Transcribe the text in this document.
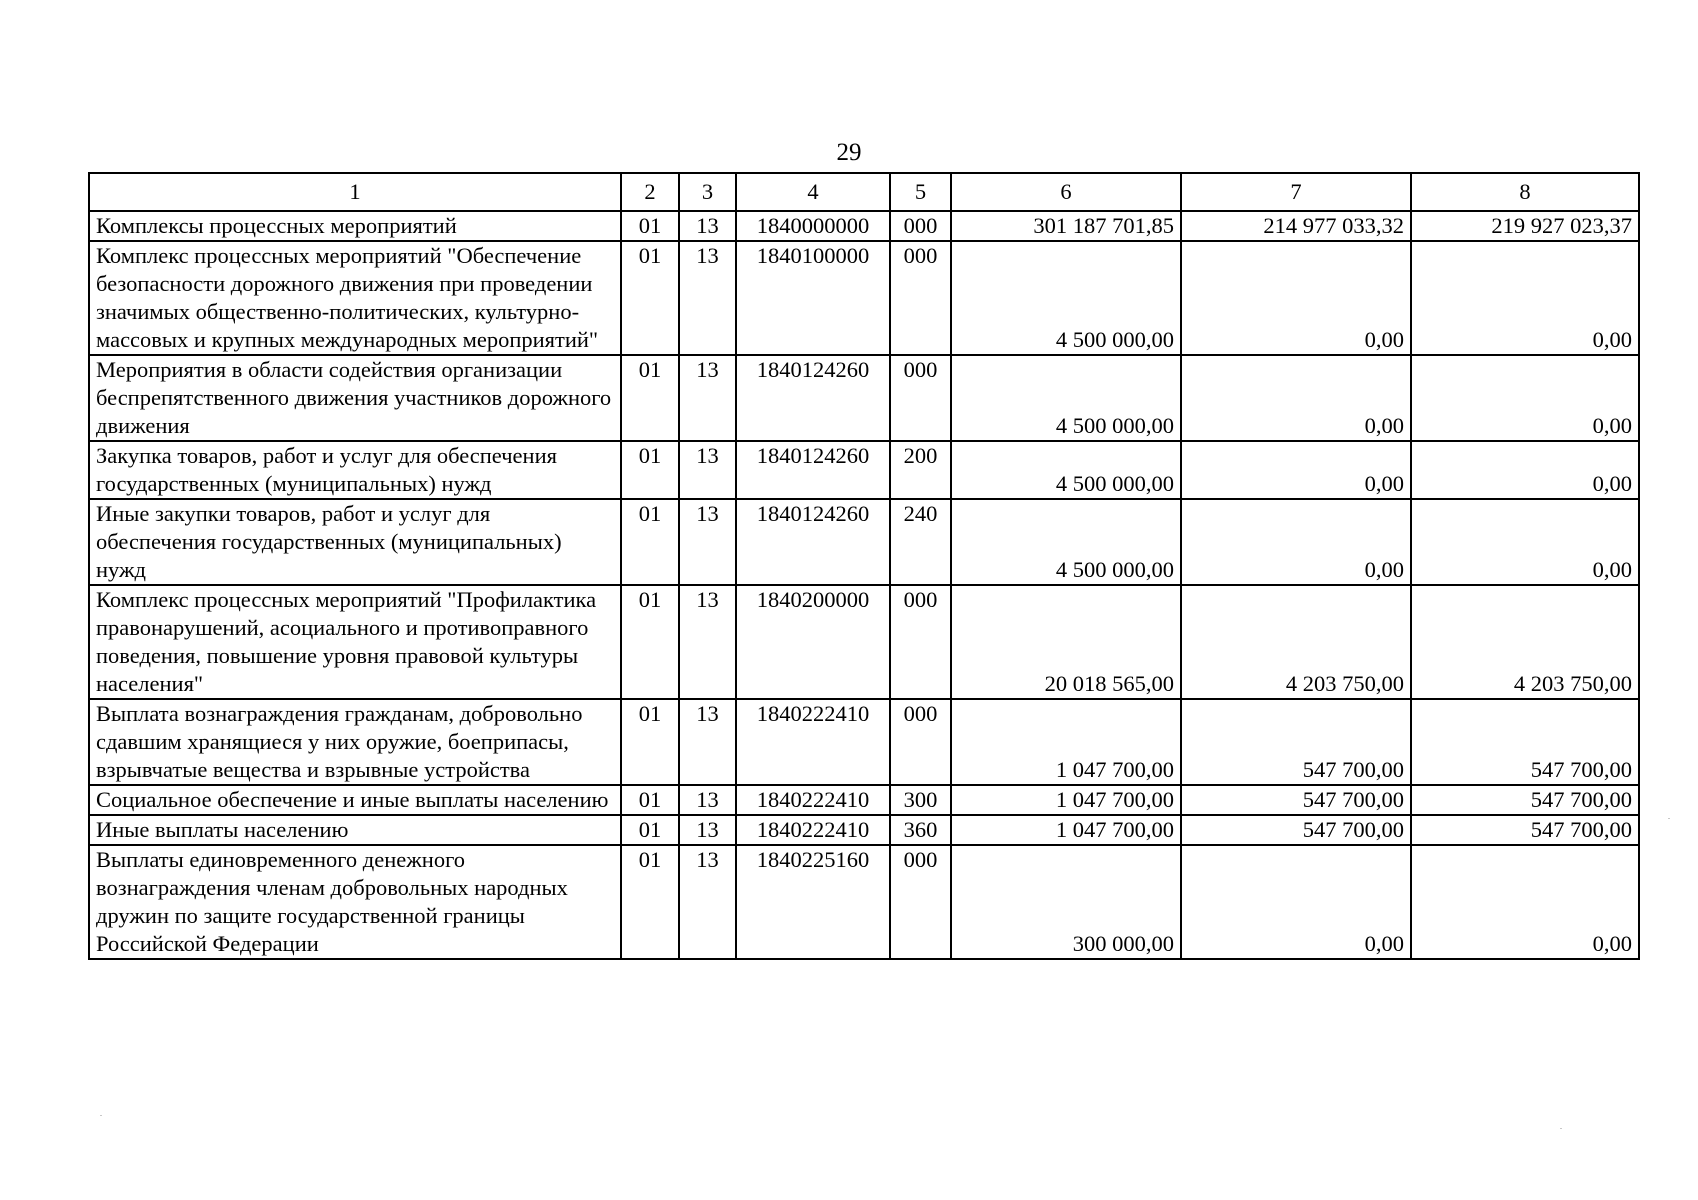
29
1	2	3	4	5	6	7	8
Комплексы процессных мероприятий	01	13	1840000000	000	301 187 701,85	214 977 033,32	219 927 023,37
Комплекс процессных мероприятий "Обеспечение безопасности дорожного движения при проведении значимых общественно-политических, культурно-массовых и крупных международных мероприятий"	01	13	1840100000	000	4 500 000,00	0,00	0,00
Мероприятия в области содействия организации беспрепятственного движения участников дорожного движения	01	13	1840124260	000	4 500 000,00	0,00	0,00
Закупка товаров, работ и услуг для обеспечения государственных (муниципальных) нужд	01	13	1840124260	200	4 500 000,00	0,00	0,00
Иные закупки товаров, работ и услуг для обеспечения государственных (муниципальных) нужд	01	13	1840124260	240	4 500 000,00	0,00	0,00
Комплекс процессных мероприятий "Профилактика правонарушений, асоциального и противоправного поведения, повышение уровня правовой культуры населения"	01	13	1840200000	000	20 018 565,00	4 203 750,00	4 203 750,00
Выплата вознаграждения гражданам, добровольно сдавшим хранящиеся у них оружие, боеприпасы, взрывчатые вещества и взрывные устройства	01	13	1840222410	000	1 047 700,00	547 700,00	547 700,00
Социальное обеспечение и иные выплаты населению	01	13	1840222410	300	1 047 700,00	547 700,00	547 700,00
Иные выплаты населению	01	13	1840222410	360	1 047 700,00	547 700,00	547 700,00
Выплаты единовременного денежного вознаграждения членам добровольных народных дружин по защите государственной границы Российской Федерации	01	13	1840225160	000	300 000,00	0,00	0,00
